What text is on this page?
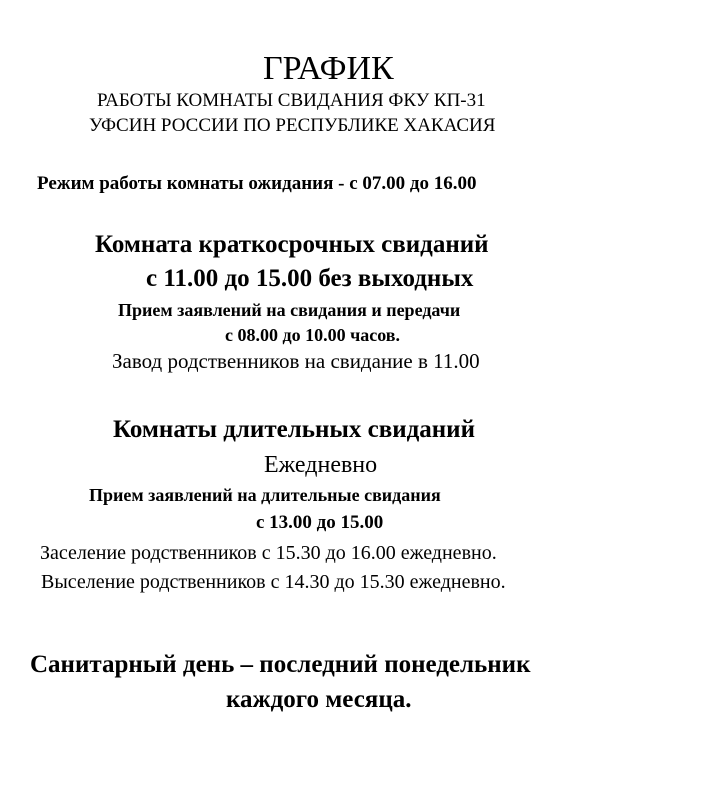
ГРАФИК
РАБОТЫ КОМНАТЫ СВИДАНИЯ ФКУ КП-31
УФСИН РОССИИ ПО РЕСПУБЛИКЕ ХАКАСИЯ
Режим работы комнаты ожидания - с 07.00 до 16.00
Комната краткосрочных свиданий
с 11.00 до 15.00 без выходных
Прием заявлений на свидания и передачи
с 08.00 до 10.00 часов.
Завод родственников на свидание в 11.00
Комнаты длительных свиданий
Ежедневно
Прием заявлений на длительные свидания
с 13.00 до 15.00
Заселение родственников с 15.30 до 16.00 ежедневно.
Выселение родственников с 14.30 до 15.30 ежедневно.
Санитарный день – последний понедельник
каждого месяца.
